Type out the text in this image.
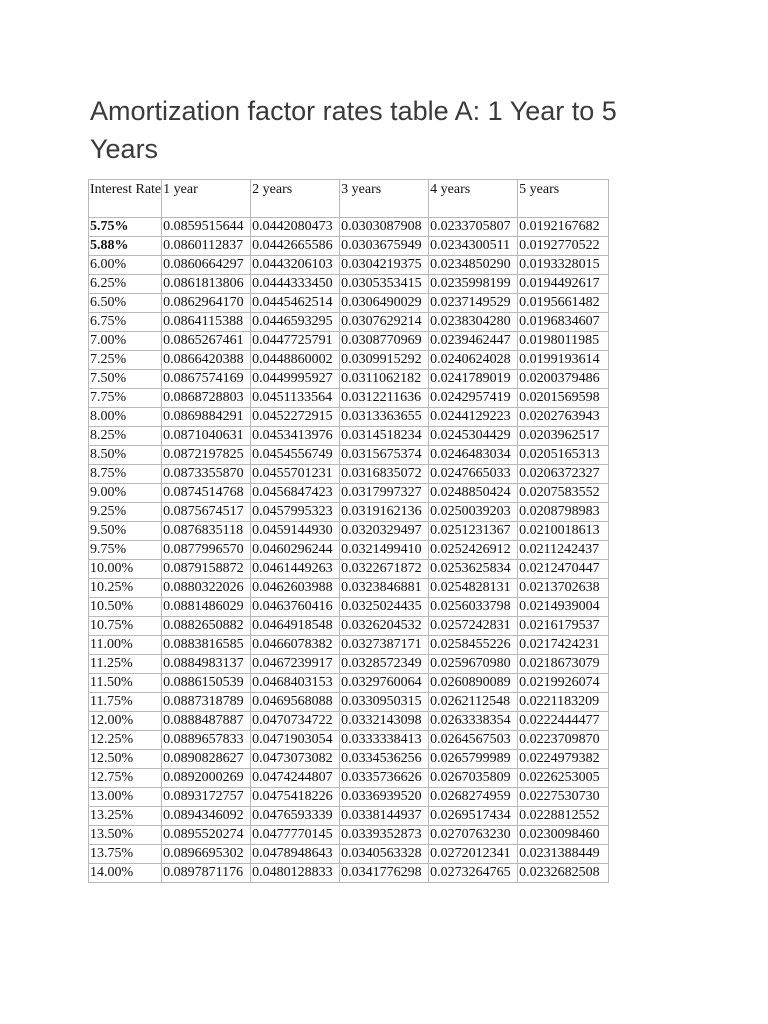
Amortization factor rates table A: 1 Year to 5 Years
Interest Rate	1 year	2 years	3 years	4 years	5 years
5.75%	0.0859515644	0.0442080473	0.0303087908	0.0233705807	0.0192167682
5.88%	0.0860112837	0.0442665586	0.0303675949	0.0234300511	0.0192770522
6.00%	0.0860664297	0.0443206103	0.0304219375	0.0234850290	0.0193328015
6.25%	0.0861813806	0.0444333450	0.0305353415	0.0235998199	0.0194492617
6.50%	0.0862964170	0.0445462514	0.0306490029	0.0237149529	0.0195661482
6.75%	0.0864115388	0.0446593295	0.0307629214	0.0238304280	0.0196834607
7.00%	0.0865267461	0.0447725791	0.0308770969	0.0239462447	0.0198011985
7.25%	0.0866420388	0.0448860002	0.0309915292	0.0240624028	0.0199193614
7.50%	0.0867574169	0.0449995927	0.0311062182	0.0241789019	0.0200379486
7.75%	0.0868728803	0.0451133564	0.0312211636	0.0242957419	0.0201569598
8.00%	0.0869884291	0.0452272915	0.0313363655	0.0244129223	0.0202763943
8.25%	0.0871040631	0.0453413976	0.0314518234	0.0245304429	0.0203962517
8.50%	0.0872197825	0.0454556749	0.0315675374	0.0246483034	0.0205165313
8.75%	0.0873355870	0.0455701231	0.0316835072	0.0247665033	0.0206372327
9.00%	0.0874514768	0.0456847423	0.0317997327	0.0248850424	0.0207583552
9.25%	0.0875674517	0.0457995323	0.0319162136	0.0250039203	0.0208798983
9.50%	0.0876835118	0.0459144930	0.0320329497	0.0251231367	0.0210018613
9.75%	0.0877996570	0.0460296244	0.0321499410	0.0252426912	0.0211242437
10.00%	0.0879158872	0.0461449263	0.0322671872	0.0253625834	0.0212470447
10.25%	0.0880322026	0.0462603988	0.0323846881	0.0254828131	0.0213702638
10.50%	0.0881486029	0.0463760416	0.0325024435	0.0256033798	0.0214939004
10.75%	0.0882650882	0.0464918548	0.0326204532	0.0257242831	0.0216179537
11.00%	0.0883816585	0.0466078382	0.0327387171	0.0258455226	0.0217424231
11.25%	0.0884983137	0.0467239917	0.0328572349	0.0259670980	0.0218673079
11.50%	0.0886150539	0.0468403153	0.0329760064	0.0260890089	0.0219926074
11.75%	0.0887318789	0.0469568088	0.0330950315	0.0262112548	0.0221183209
12.00%	0.0888487887	0.0470734722	0.0332143098	0.0263338354	0.0222444477
12.25%	0.0889657833	0.0471903054	0.0333338413	0.0264567503	0.0223709870
12.50%	0.0890828627	0.0473073082	0.0334536256	0.0265799989	0.0224979382
12.75%	0.0892000269	0.0474244807	0.0335736626	0.0267035809	0.0226253005
13.00%	0.0893172757	0.0475418226	0.0336939520	0.0268274959	0.0227530730
13.25%	0.0894346092	0.0476593339	0.0338144937	0.0269517434	0.0228812552
13.50%	0.0895520274	0.0477770145	0.0339352873	0.0270763230	0.0230098460
13.75%	0.0896695302	0.0478948643	0.0340563328	0.0272012341	0.0231388449
14.00%	0.0897871176	0.0480128833	0.0341776298	0.0273264765	0.0232682508
